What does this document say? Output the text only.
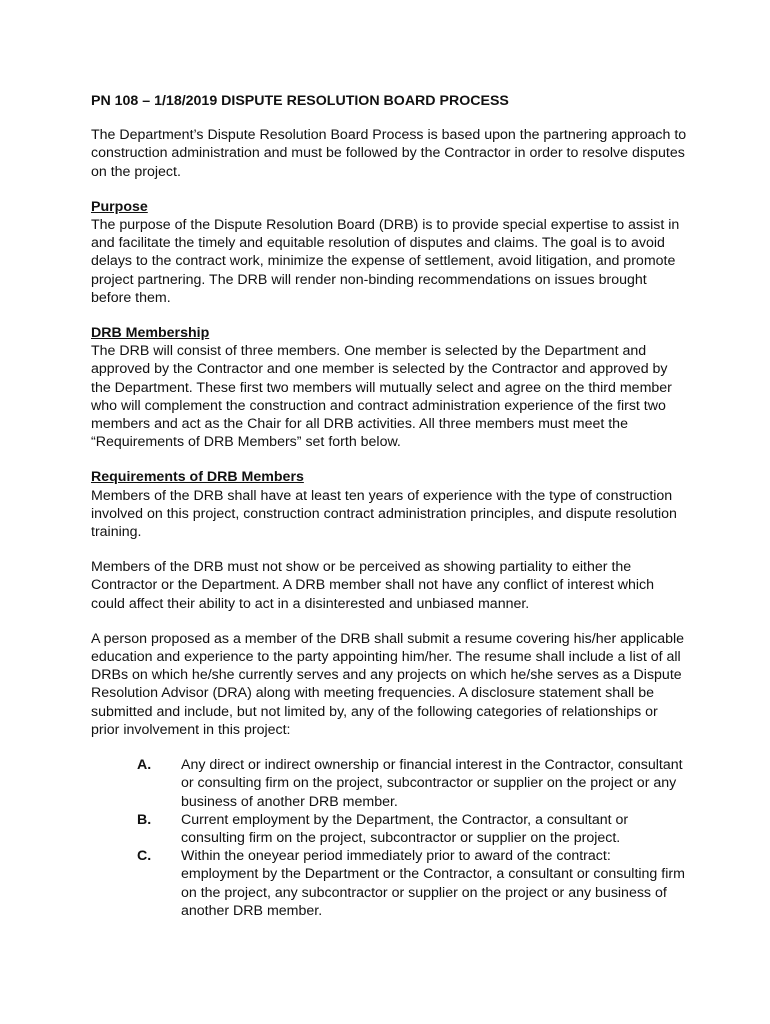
PN 108 – 1/18/2019 DISPUTE RESOLUTION BOARD PROCESS

The Department’s Dispute Resolution Board Process is based upon the partnering approach to construction administration and must be followed by the Contractor in order to resolve disputes on the project.

Purpose

The purpose of the Dispute Resolution Board (DRB) is to provide special expertise to assist in and facilitate the timely and equitable resolution of disputes and claims. The goal is to avoid delays to the contract work, minimize the expense of settlement, avoid litigation, and promote project partnering. The DRB will render non-binding recommendations on issues brought before them.

DRB Membership

The DRB will consist of three members. One member is selected by the Department and approved by the Contractor and one member is selected by the Contractor and approved by the Department. These first two members will mutually select and agree on the third member who will complement the construction and contract administration experience of the first two members and act as the Chair for all DRB activities. All three members must meet the “Requirements of DRB Members” set forth below.

Requirements of DRB Members

Members of the DRB shall have at least ten years of experience with the type of construction involved on this project, construction contract administration principles, and dispute resolution training.

Members of the DRB must not show or be perceived as showing partiality to either the Contractor or the Department. A DRB member shall not have any conflict of interest which could affect their ability to act in a disinterested and unbiased manner.

A person proposed as a member of the DRB shall submit a resume covering his/her applicable education and experience to the party appointing him/her. The resume shall include a list of all DRBs on which he/she currently serves and any projects on which he/she serves as a Dispute Resolution Advisor (DRA) along with meeting frequencies. A disclosure statement shall be submitted and include, but not limited by, any of the following categories of relationships or prior involvement in this project:

A.	Any direct or indirect ownership or financial interest in the Contractor, consultant or consulting firm on the project, subcontractor or supplier on the project or any business of another DRB member.
B.	Current employment by the Department, the Contractor, a consultant or consulting firm on the project, subcontractor or supplier on the project.
C.	Within the oneyear period immediately prior to award of the contract: employment by the Department or the Contractor, a consultant or consulting firm on the project, any subcontractor or supplier on the project or any business of another DRB member.
